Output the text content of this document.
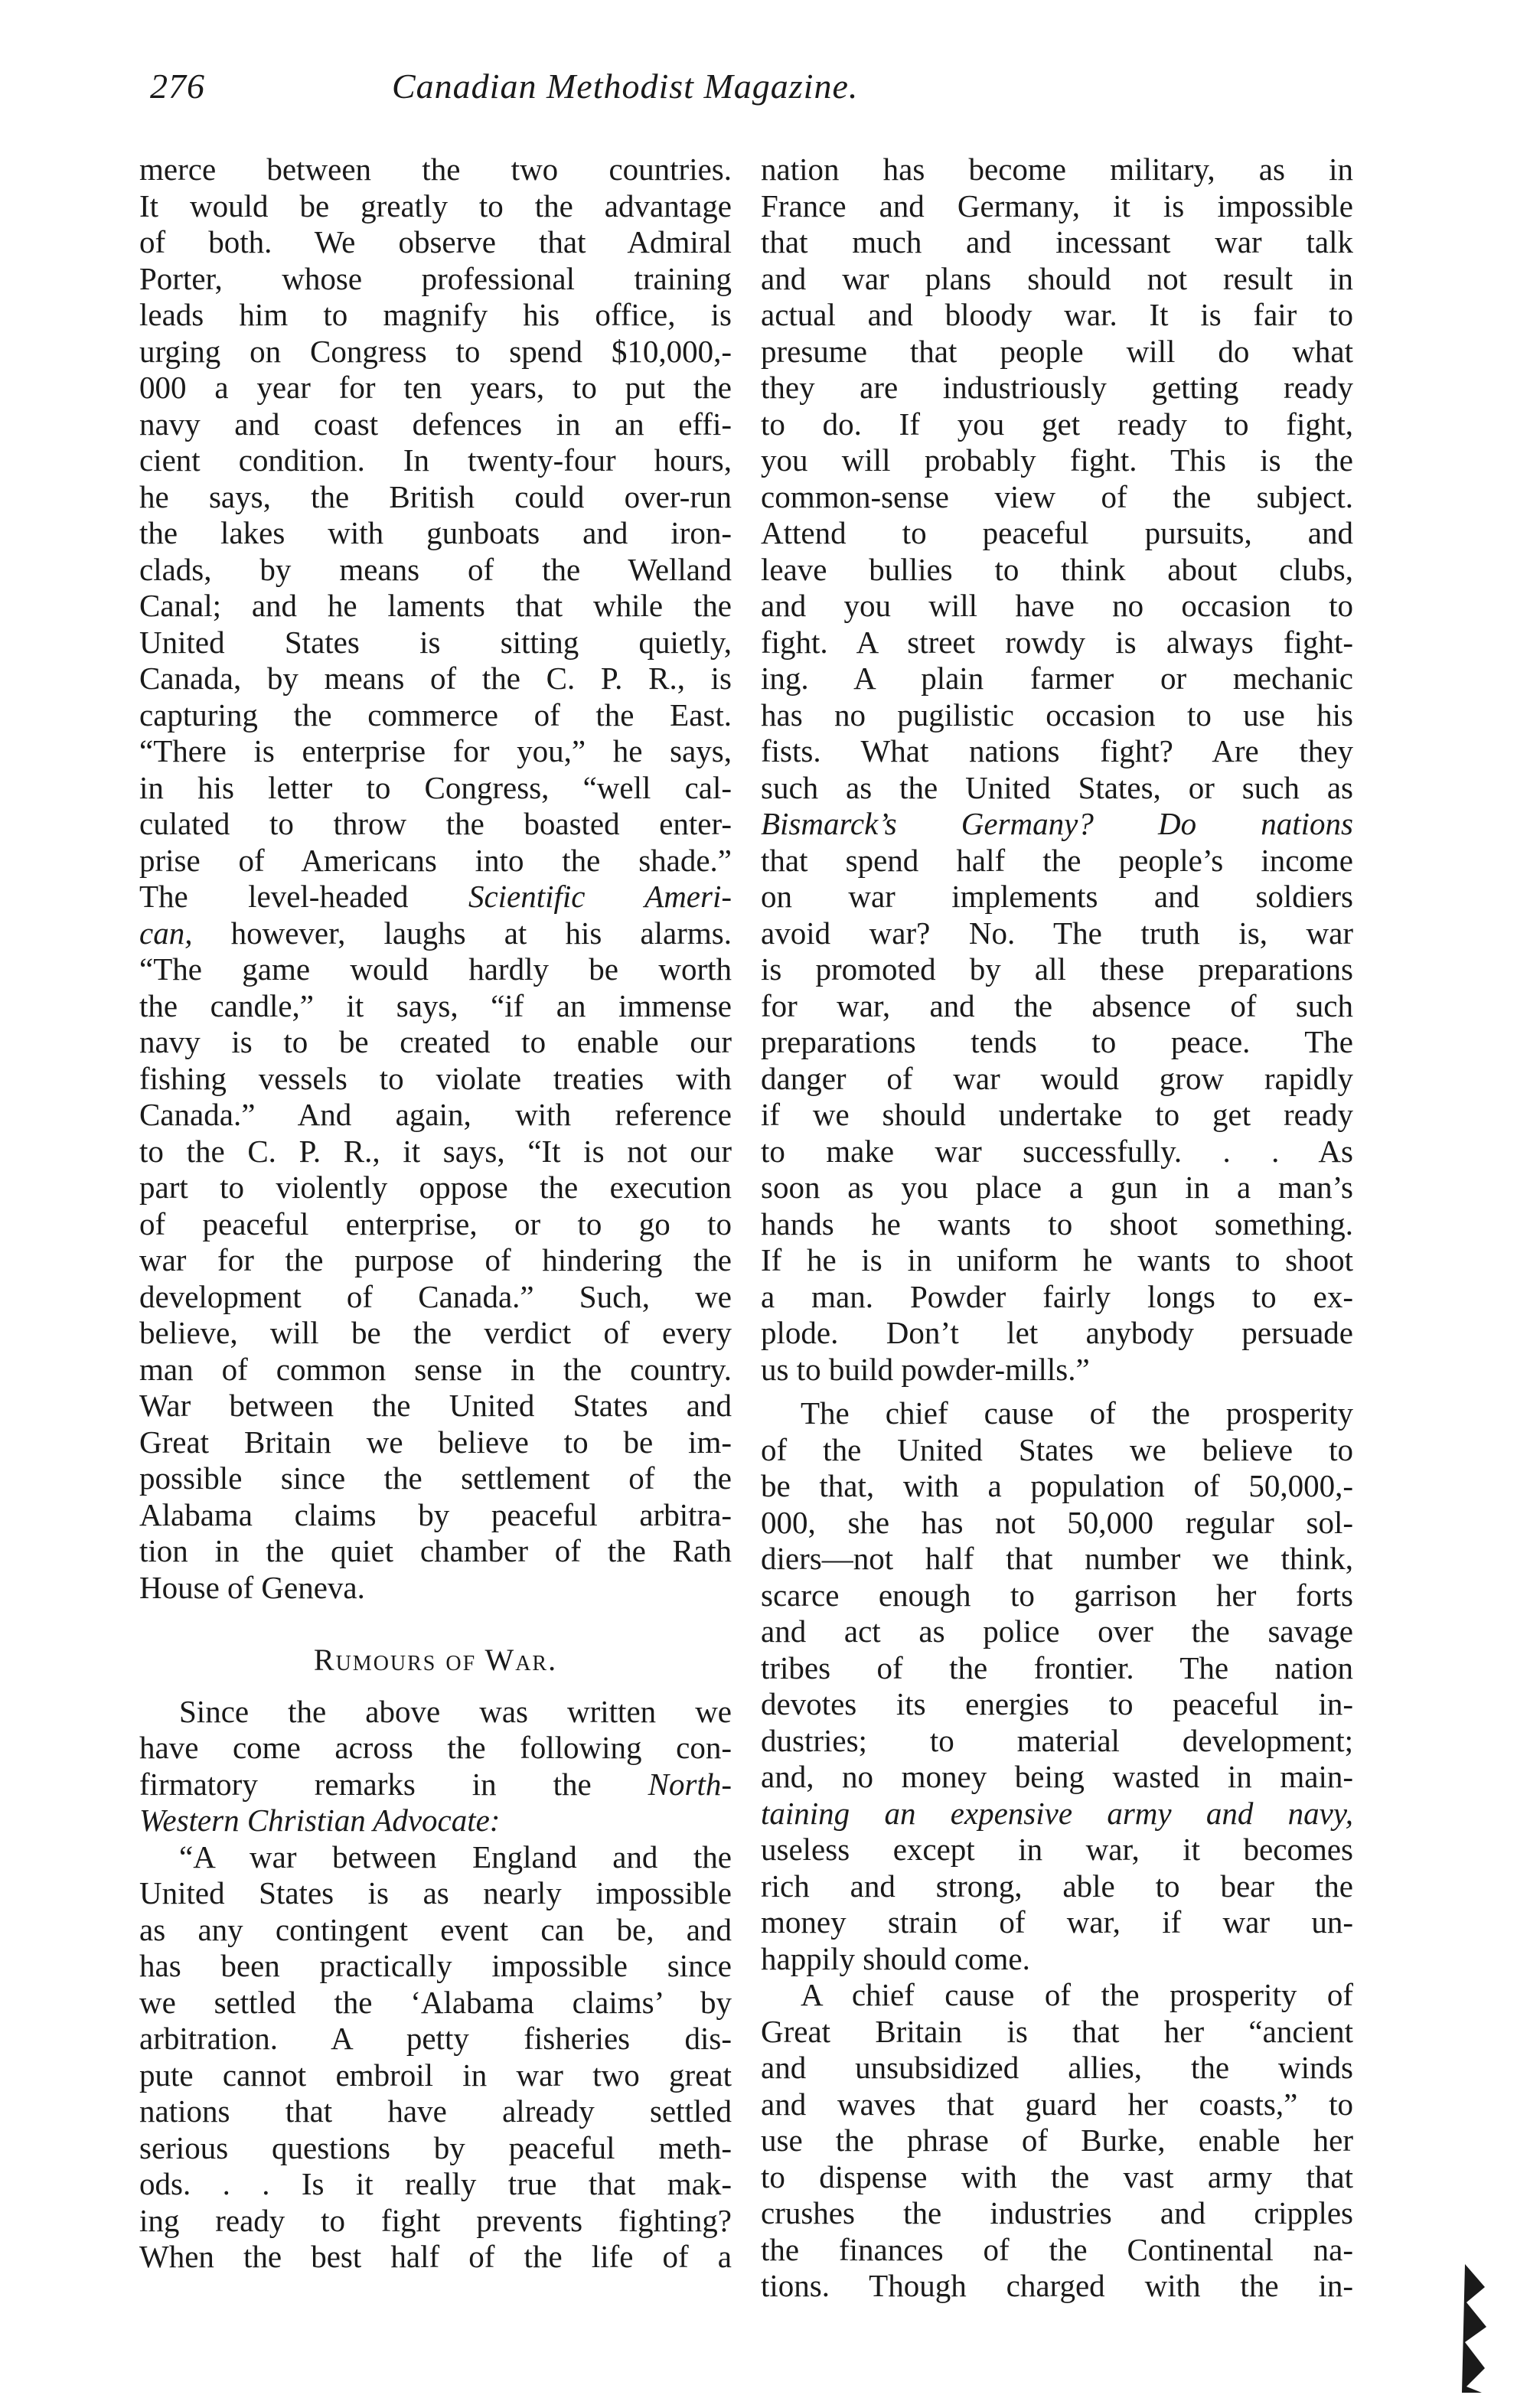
276	Canadian Methodist Magazine.
merce between the two countries.
It would be greatly to the advantage
of both. We observe that Admiral
Porter, whose professional training
leads him to magnify his office, is
urging on Congress to spend $10,000,-
000 a year for ten years, to put the
navy and coast defences in an effi-
cient condition. In twenty-four hours,
he says, the British could over-run
the lakes with gunboats and iron-
clads, by means of the Welland
Canal; and he laments that while the
United States is sitting quietly,
Canada, by means of the C. P. R., is
capturing the commerce of the East.
“There is enterprise for you,” he says,
in his letter to Congress, “well cal-
culated to throw the boasted enter-
prise of Americans into the shade.”
The level-headed Scientific Ameri-
can, however, laughs at his alarms.
“The game would hardly be worth
the candle,” it says, “if an immense
navy is to be created to enable our
fishing vessels to violate treaties with
Canada.” And again, with reference
to the C. P. R., it says, “It is not our
part to violently oppose the execution
of peaceful enterprise, or to go to
war for the purpose of hindering the
development of Canada.” Such, we
believe, will be the verdict of every
man of common sense in the country.
War between the United States and
Great Britain we believe to be im-
possible since the settlement of the
Alabama claims by peaceful arbitra-
tion in the quiet chamber of the Rath
House of Geneva.
Rumours of War.
Since the above was written we
have come across the following con-
firmatory remarks in the North-
Western Christian Advocate:
“A war between England and the
United States is as nearly impossible
as any contingent event can be, and
has been practically impossible since
we settled the ‘Alabama claims’ by
arbitration. A petty fisheries dis-
pute cannot embroil in war two great
nations that have already settled
serious questions by peaceful meth-
ods. . . Is it really true that mak-
ing ready to fight prevents fighting?
When the best half of the life of a
nation has become military, as in
France and Germany, it is impossible
that much and incessant war talk
and war plans should not result in
actual and bloody war. It is fair to
presume that people will do what
they are industriously getting ready
to do. If you get ready to fight,
you will probably fight. This is the
common-sense view of the subject.
Attend to peaceful pursuits, and
leave bullies to think about clubs,
and you will have no occasion to
fight. A street rowdy is always fight-
ing. A plain farmer or mechanic
has no pugilistic occasion to use his
fists. What nations fight? Are they
such as the United States, or such as
Bismarck’s Germany? Do nations
that spend half the people’s income
on war implements and soldiers
avoid war? No. The truth is, war
is promoted by all these preparations
for war, and the absence of such
preparations tends to peace. The
danger of war would grow rapidly
if we should undertake to get ready
to make war successfully. . . As
soon as you place a gun in a man’s
hands he wants to shoot something.
If he is in uniform he wants to shoot
a man. Powder fairly longs to ex-
plode. Don’t let anybody persuade
us to build powder-mills.”
The chief cause of the prosperity
of the United States we believe to
be that, with a population of 50,000,-
000, she has not 50,000 regular sol-
diers—not half that number we think,
scarce enough to garrison her forts
and act as police over the savage
tribes of the frontier. The nation
devotes its energies to peaceful in-
dustries; to material development;
and, no money being wasted in main-
taining an expensive army and navy,
useless except in war, it becomes
rich and strong, able to bear the
money strain of war, if war un-
happily should come.
A chief cause of the prosperity of
Great Britain is that her “ancient
and unsubsidized allies, the winds
and waves that guard her coasts,” to
use the phrase of Burke, enable her
to dispense with the vast army that
crushes the industries and cripples
the finances of the Continental na-
tions. Though charged with the in-
